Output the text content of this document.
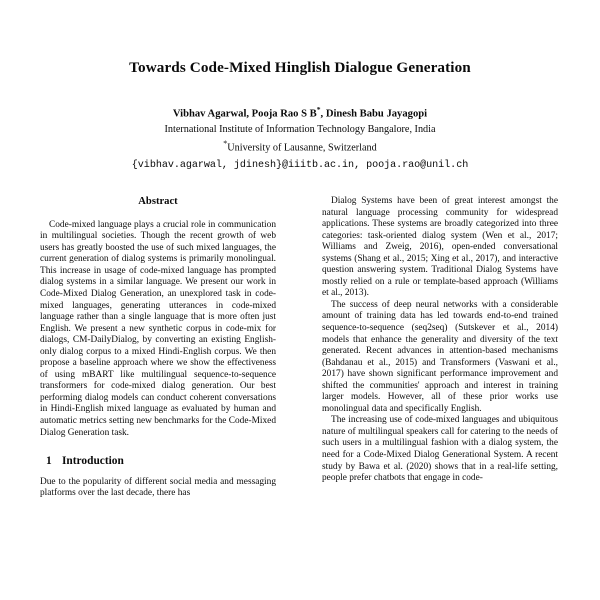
Towards Code-Mixed Hinglish Dialogue Generation
Vibhav Agarwal, Pooja Rao S B*, Dinesh Babu Jayagopi
International Institute of Information Technology Bangalore, India
*University of Lausanne, Switzerland
{vibhav.agarwal, jdinesh}@iiitb.ac.in, pooja.rao@unil.ch
Abstract

Code-mixed language plays a crucial role in communication in multilingual societies. Though the recent growth of web users has greatly boosted the use of such mixed languages, the current generation of dialog systems is primarily monolingual. This increase in usage of code-mixed language has prompted dialog systems in a similar language. We present our work in Code-Mixed Dialog Generation, an unexplored task in code-mixed languages, generating utterances in code-mixed language rather than a single language that is more often just English. We present a new synthetic corpus in code-mix for dialogs, CM-DailyDialog, by converting an existing English-only dialog corpus to a mixed Hindi-English corpus. We then propose a baseline approach where we show the effectiveness of using mBART like multilingual sequence-to-sequence transformers for code-mixed dialog generation. Our best performing dialog models can conduct coherent conversations in Hindi-English mixed language as evaluated by human and automatic metrics setting new benchmarks for the Code-Mixed Dialog Generation task.

1 Introduction

Due to the popularity of different social media and messaging platforms over the last decade, there has

Dialog Systems have been of great interest amongst the natural language processing community for widespread applications. These systems are broadly categorized into three categories: task-oriented dialog system (Wen et al., 2017; Williams and Zweig, 2016), open-ended conversational systems (Shang et al., 2015; Xing et al., 2017), and interactive question answering system. Traditional Dialog Systems have mostly relied on a rule or template-based approach (Williams et al., 2013).

The success of deep neural networks with a considerable amount of training data has led towards end-to-end trained sequence-to-sequence (seq2seq) (Sutskever et al., 2014) models that enhance the generality and diversity of the text generated. Recent advances in attention-based mechanisms (Bahdanau et al., 2015) and Transformers (Vaswani et al., 2017) have shown significant performance improvement and shifted the communities' approach and interest in training larger models. However, all of these prior works use monolingual data and specifically English.

The increasing use of code-mixed languages and ubiquitous nature of multilingual speakers call for catering to the needs of such users in a multilingual fashion with a dialog system, the need for a Code-Mixed Dialog Generational System. A recent study by Bawa et al. (2020) shows that in a real-life setting, people prefer chatbots that engage in code-
